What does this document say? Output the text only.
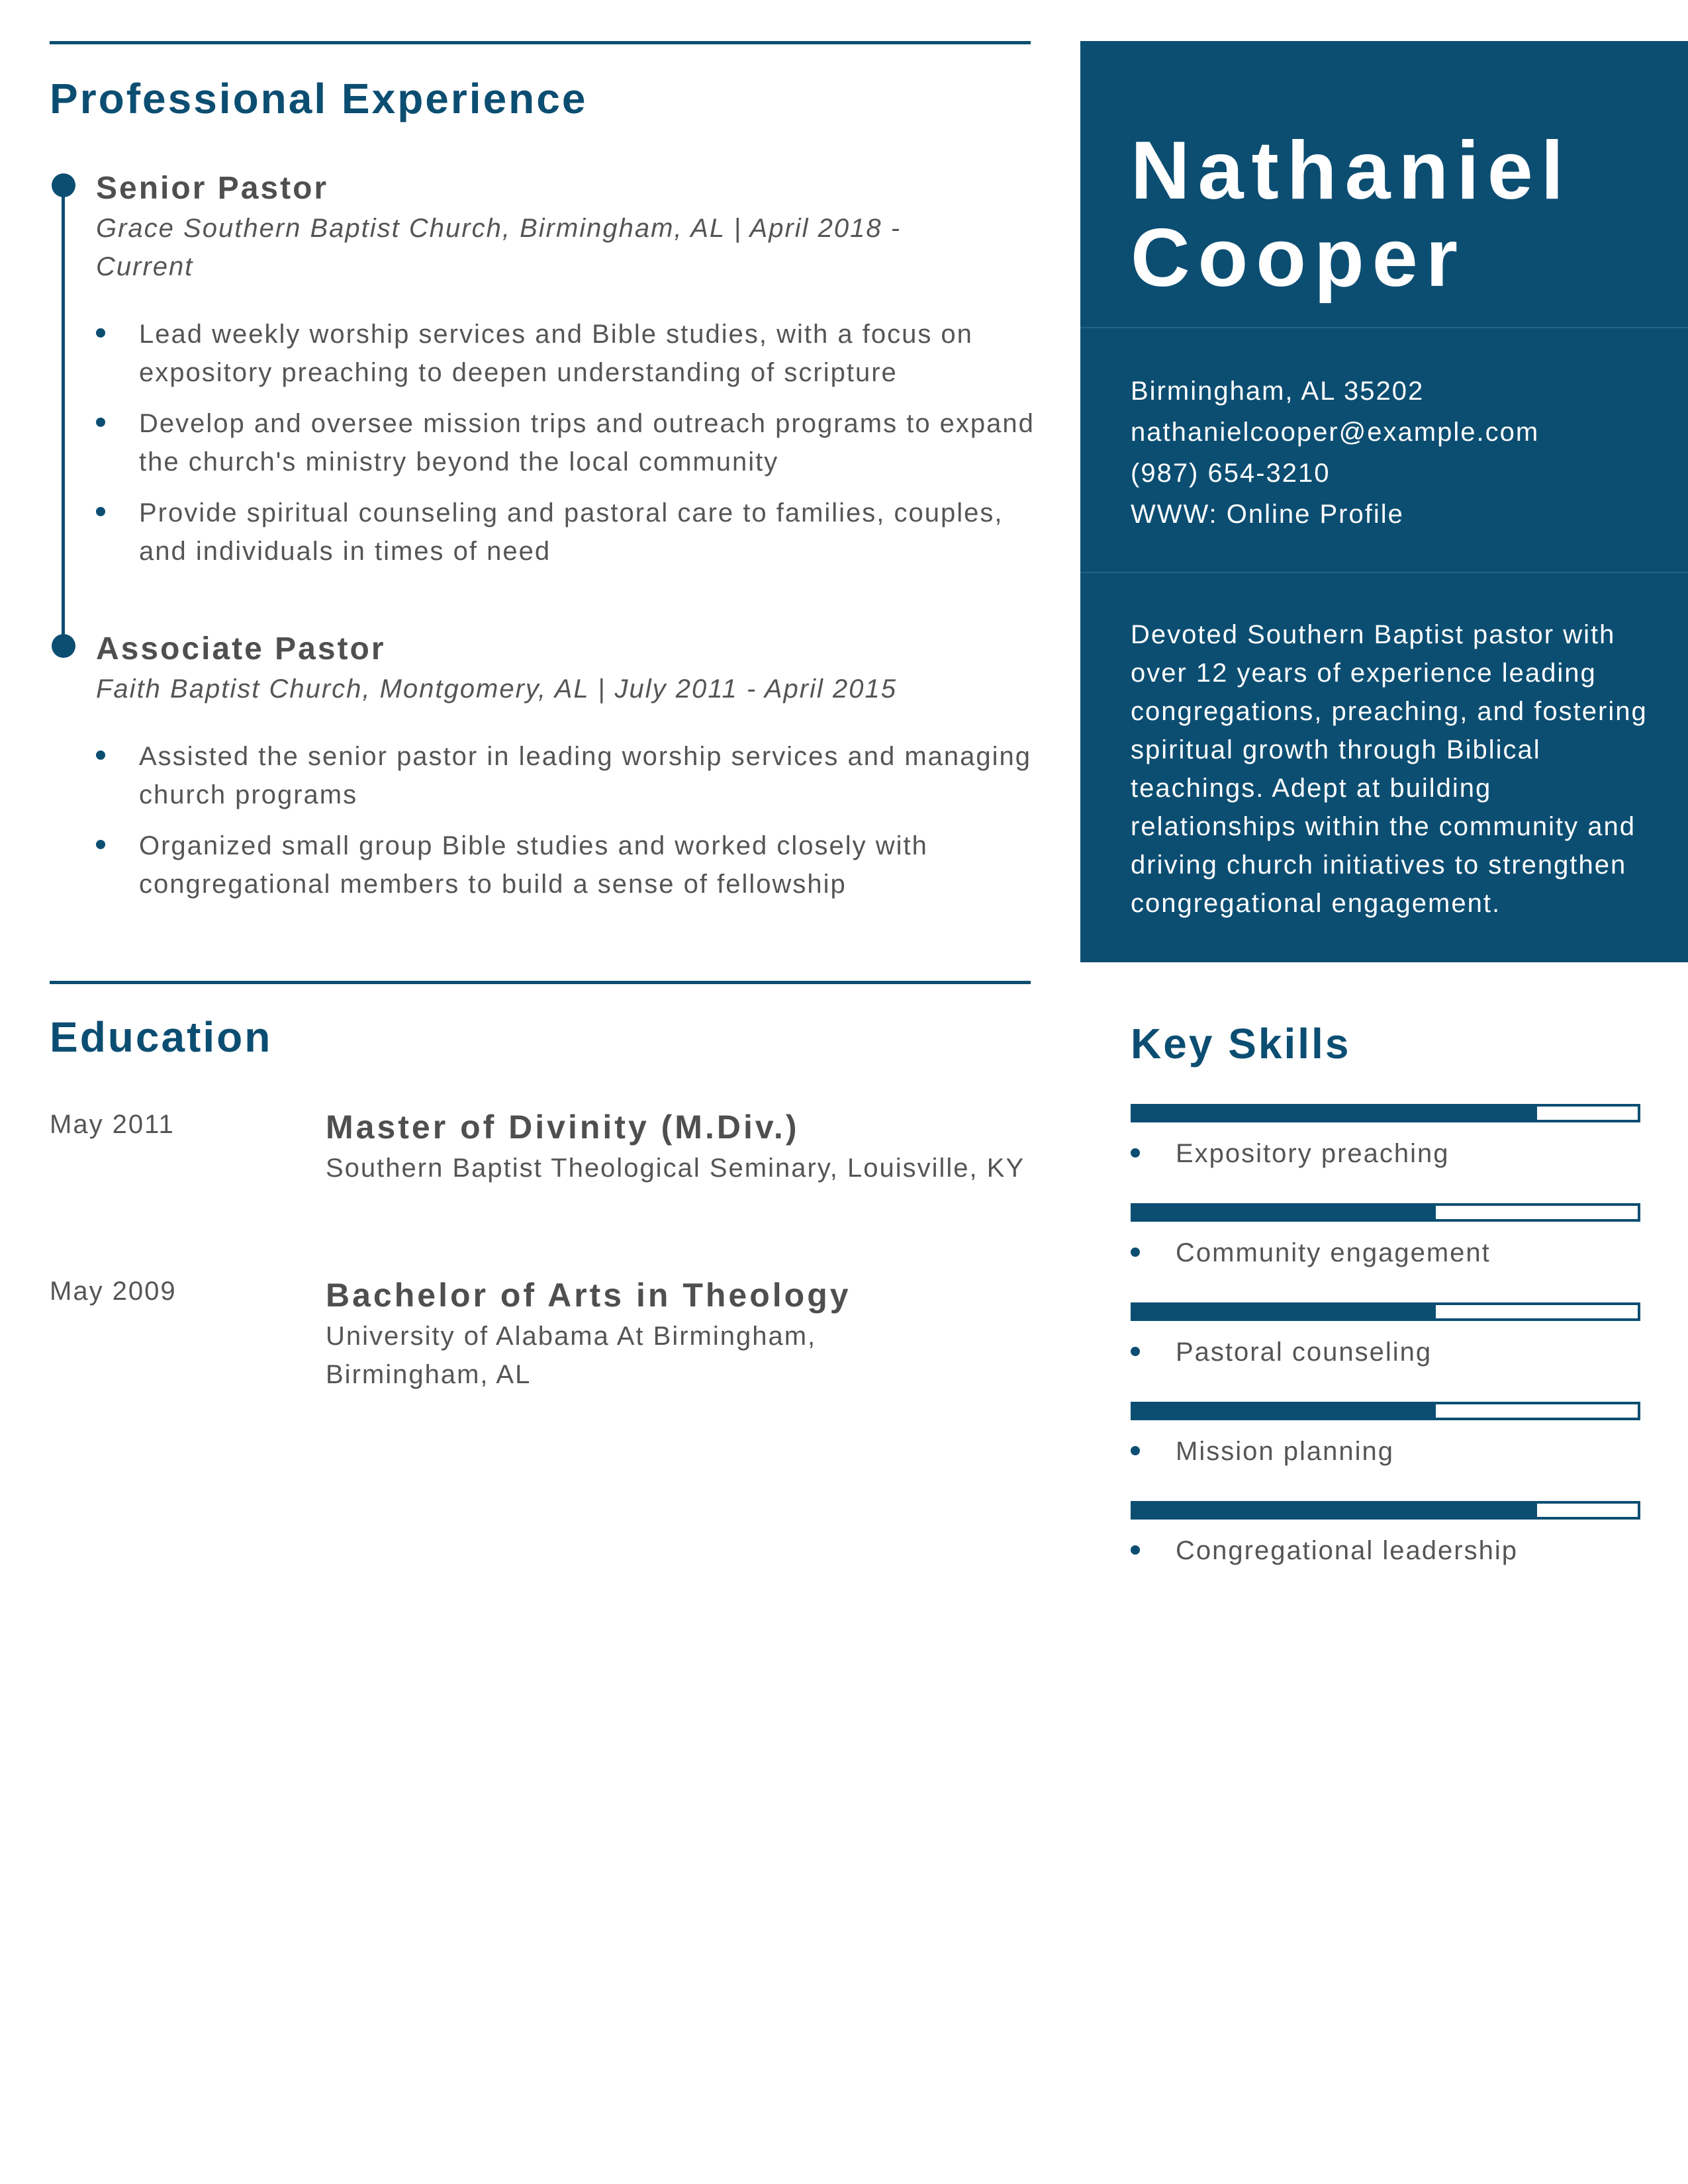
Professional Experience
Senior Pastor

Grace Southern Baptist Church, Birmingham, AL | April 2018 - Current

Lead weekly worship services and Bible studies, with a focus on expository preaching to deepen understanding of scripture
Develop and oversee mission trips and outreach programs to expand the church's ministry beyond the local community
Provide spiritual counseling and pastoral care to families, couples, and individuals in times of need
Associate Pastor

Faith Baptist Church, Montgomery, AL | July 2011 - April 2015

Assisted the senior pastor in leading worship services and managing church programs
Organized small group Bible studies and worked closely with congregational members to build a sense of fellowship
Education

May 2011	Master of Divinity (M.Div.)

Southern Baptist Theological Seminary, Louisville, KY

May 2009	Bachelor of Arts in Theology

University of Alabama At Birmingham, Birmingham, AL

Nathaniel
Cooper

Birmingham, AL 35202

nathanielcooper@example.com

(987) 654-3210

WWW: Online Profile

Devoted Southern Baptist pastor with over 12 years of experience leading congregations, preaching, and fostering spiritual growth through Biblical teachings. Adept at building relationships within the community and driving church initiatives to strengthen congregational engagement.

Key Skills

Expository preaching

Community engagement

Pastoral counseling

Mission planning

Congregational leadership
